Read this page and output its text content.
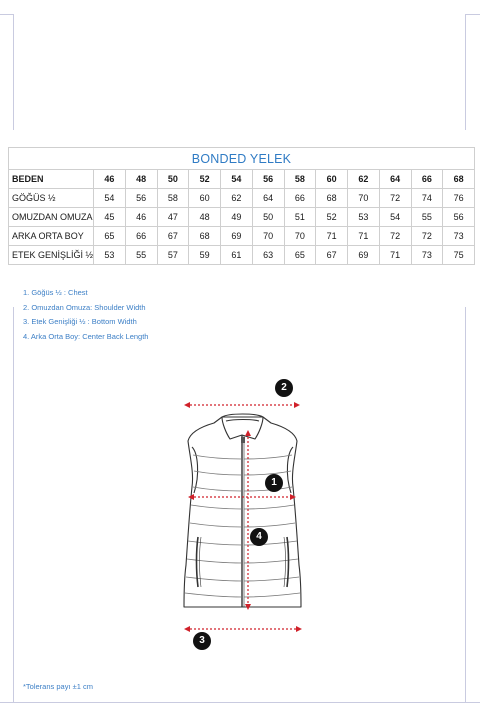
BONDED YELEK												
BEDEN	46	48	50	52	54	56	58	60	62	64	66	68
GÖĞÜS ½	54	56	58	60	62	64	66	68	70	72	74	76
OMUZDAN OMUZA	45	46	47	48	49	50	51	52	53	54	55	56
ARKA ORTA BOY	65	66	67	68	69	70	70	71	71	72	72	73
ETEK GENİŞLİĞİ ½	53	55	57	59	61	63	65	67	69	71	73	75
1. Göğüs ½ : Chest
2. Omuzdan Omuza: Shoulder Width
3. Etek Genişliği ½ : Bottom Width
4. Arka Orta Boy: Center Back Length
2
1
4
3
*Tolerans payı ±1 cm
